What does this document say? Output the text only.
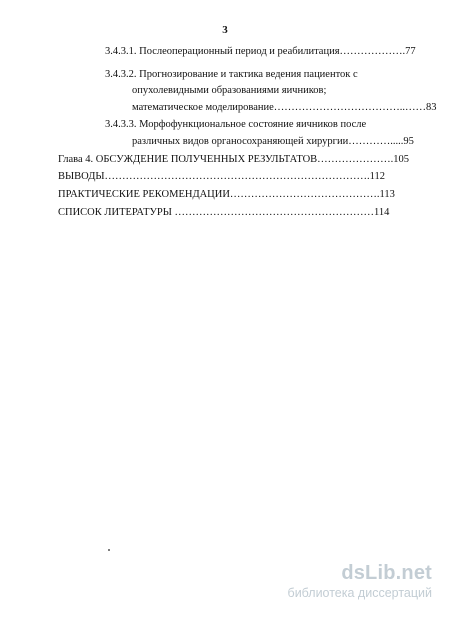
3
3.4.3.1. Послеоперационный период и реабилитация……………….77
3.4.3.2. Прогнозирование и тактика ведения пациенток с
опухолевидными образованиями яичников;
математическое моделирование………………………………..……83
3.4.3.3. Морфофункциональное состояние яичников после
различных видов органосохраняющей хирургии………….....95
Глава 4. ОБСУЖДЕНИЕ ПОЛУЧЕННЫХ РЕЗУЛЬТАТОВ………………….105
ВЫВОДЫ………………………………………………………………….112
ПРАКТИЧЕСКИЕ РЕКОМЕНДАЦИИ…………………………………….113
СПИСОК ЛИТЕРАТУРЫ …………………………………………………114
dsLib.net
библиотека диссертаций
